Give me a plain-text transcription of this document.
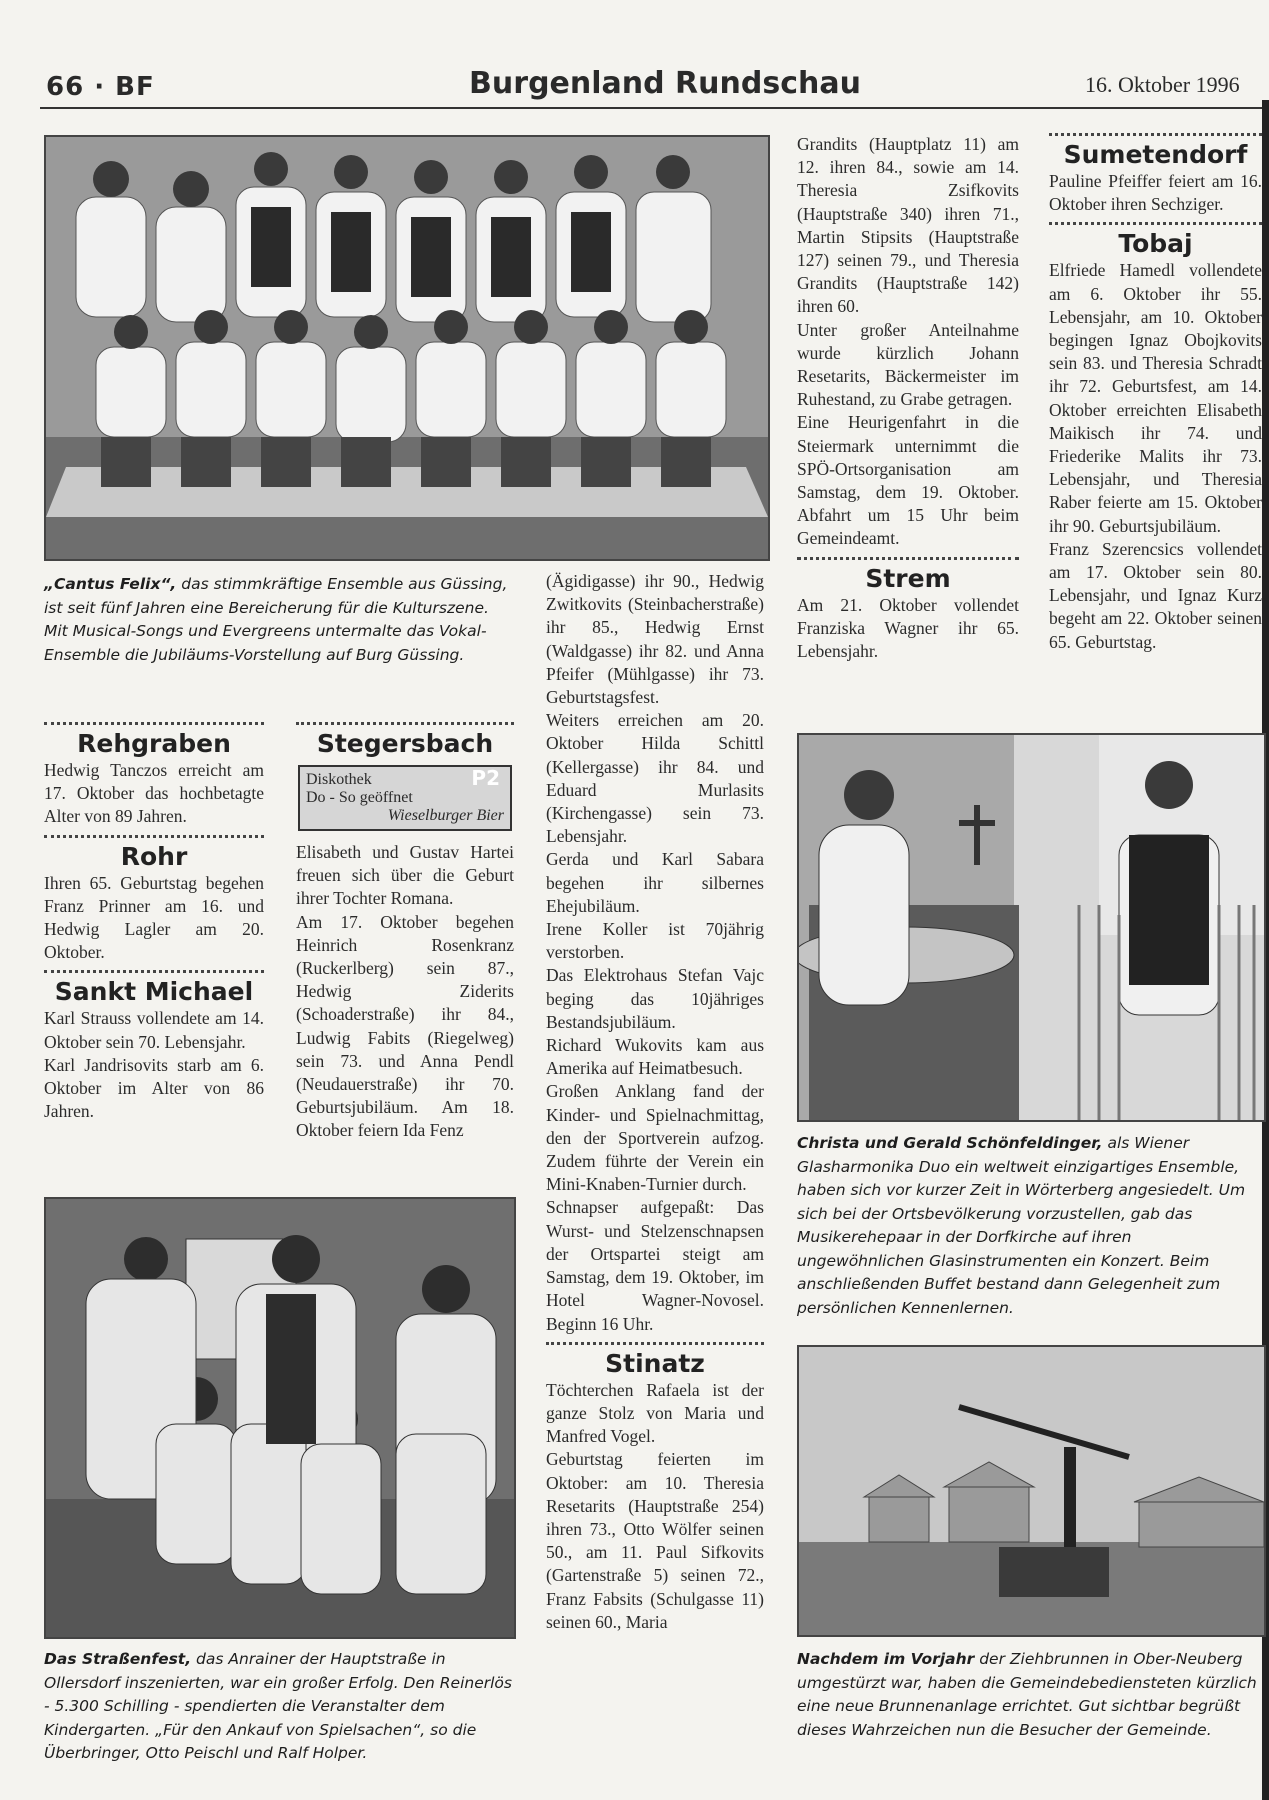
66 · BF	Burgenland Rundschau	16. Oktober 1996
„Cantus Felix“, das stimmkräftige Ensemble aus Güssing, ist seit fünf Jahren eine Bereicherung für die Kulturszene. Mit Musical-Songs und Evergreens untermalte das Vokal-Ensemble die Jubiläums-Vorstellung auf Burg Güssing.
Rehgraben

Hedwig Tanczos erreicht am 17. Oktober das hochbetagte Alter von 89 Jahren.

Rohr

Ihren 65. Geburtstag begehen Franz Prinner am 16. und Hedwig Lagler am 20. Oktober.

Sankt Michael

Karl Strauss vollendete am 14. Oktober sein 70. Lebensjahr.

Karl Jandrisovits starb am 6. Oktober im Alter von 86 Jahren.

Stegersbach
Diskothek
Do - So geöffnet
P2
Wieselburger Bier

Elisabeth und Gustav Hartei freuen sich über die Geburt ihrer Tochter Romana.

Am 17. Oktober begehen Heinrich Rosenkranz (Ruckerlberg) sein 87., Hedwig Ziderits (Schoaderstraße) ihr 84., Ludwig Fabits (Riegelweg) sein 73. und Anna Pendl (Neudauerstraße) ihr 70. Geburtsjubiläum. Am 18. Oktober feiern Ida Fenz

(Ägidigasse) ihr 90., Hedwig Zwitkovits (Steinbacherstraße) ihr 85., Hedwig Ernst (Waldgasse) ihr 82. und Anna Pfeifer (Mühlgasse) ihr 73. Geburtstagsfest.

Weiters erreichen am 20. Oktober Hilda Schittl (Kellergasse) ihr 84. und Eduard Murlasits (Kirchengasse) sein 73. Lebensjahr.

Gerda und Karl Sabara begehen ihr silbernes Ehejubiläum.

Irene Koller ist 70jährig verstorben.

Das Elektrohaus Stefan Vajc beging das 10jähriges Bestandsjubiläum.

Richard Wukovits kam aus Amerika auf Heimatbesuch.

Großen Anklang fand der Kinder- und Spielnachmittag, den der Sportverein aufzog. Zudem führte der Verein ein Mini-Knaben-Turnier durch.

Schnapser aufgepaßt: Das Wurst- und Stelzenschnapsen der Ortspartei steigt am Samstag, dem 19. Oktober, im Hotel Wagner-Novosel. Beginn 16 Uhr.

Stinatz

Töchterchen Rafaela ist der ganze Stolz von Maria und Manfred Vogel.

Geburtstag feierten im Oktober: am 10. Theresia Resetarits (Hauptstraße 254) ihren 73., Otto Wölfer seinen 50., am 11. Paul Sifkovits (Gartenstraße 5) seinen 72., Franz Fabsits (Schulgasse 11) seinen 60., Maria

Grandits (Hauptplatz 11) am 12. ihren 84., sowie am 14. Theresia Zsifkovits (Hauptstraße 340) ihren 71., Martin Stipsits (Hauptstraße 127) seinen 79., und Theresia Grandits (Hauptstraße 142) ihren 60.

Unter großer Anteilnahme wurde kürzlich Johann Resetarits, Bäckermeister im Ruhestand, zu Grabe getragen.

Eine Heurigenfahrt in die Steiermark unternimmt die SPÖ-Ortsorganisation am Samstag, dem 19. Oktober. Abfahrt um 15 Uhr beim Gemeindeamt.

Strem

Am 21. Oktober vollendet Franziska Wagner ihr 65. Lebensjahr.

Sumetendorf

Pauline Pfeiffer feiert am 16. Oktober ihren Sechziger.

Tobaj

Elfriede Hamedl vollendete am 6. Oktober ihr 55. Lebensjahr, am 10. Oktober begingen Ignaz Obojkovits sein 83. und Theresia Schradt ihr 72. Geburtsfest, am 14. Oktober erreichten Elisabeth Maikisch ihr 74. und Friederike Malits ihr 73. Lebensjahr, und Theresia Raber feierte am 15. Oktober ihr 90. Geburtsjubiläum.

Franz Szerencsics vollendet am 17. Oktober sein 80. Lebensjahr, und Ignaz Kurz begeht am 22. Oktober seinen 65. Geburtstag.

Das Straßenfest, das Anrainer der Hauptstraße in Ollersdorf inszenierten, war ein großer Erfolg. Den Reinerlös - 5.300 Schilling - spendierten die Veranstalter dem Kindergarten. „Für den Ankauf von Spielsachen“, so die Überbringer, Otto Peischl und Ralf Holper.
Christa und Gerald Schönfeldinger, als Wiener Glasharmonika Duo ein weltweit einzigartiges Ensemble, haben sich vor kurzer Zeit in Wörterberg angesiedelt. Um sich bei der Ortsbevölkerung vorzustellen, gab das Musikerehepaar in der Dorfkirche auf ihren ungewöhnlichen Glasinstrumenten ein Konzert. Beim anschließenden Buffet bestand dann Gelegenheit zum persönlichen Kennenlernen.
Nachdem im Vorjahr der Ziehbrunnen in Ober-Neuberg umgestürzt war, haben die Gemeindebediensteten kürzlich eine neue Brunnenanlage errichtet. Gut sichtbar begrüßt dieses Wahrzeichen nun die Besucher der Gemeinde.
